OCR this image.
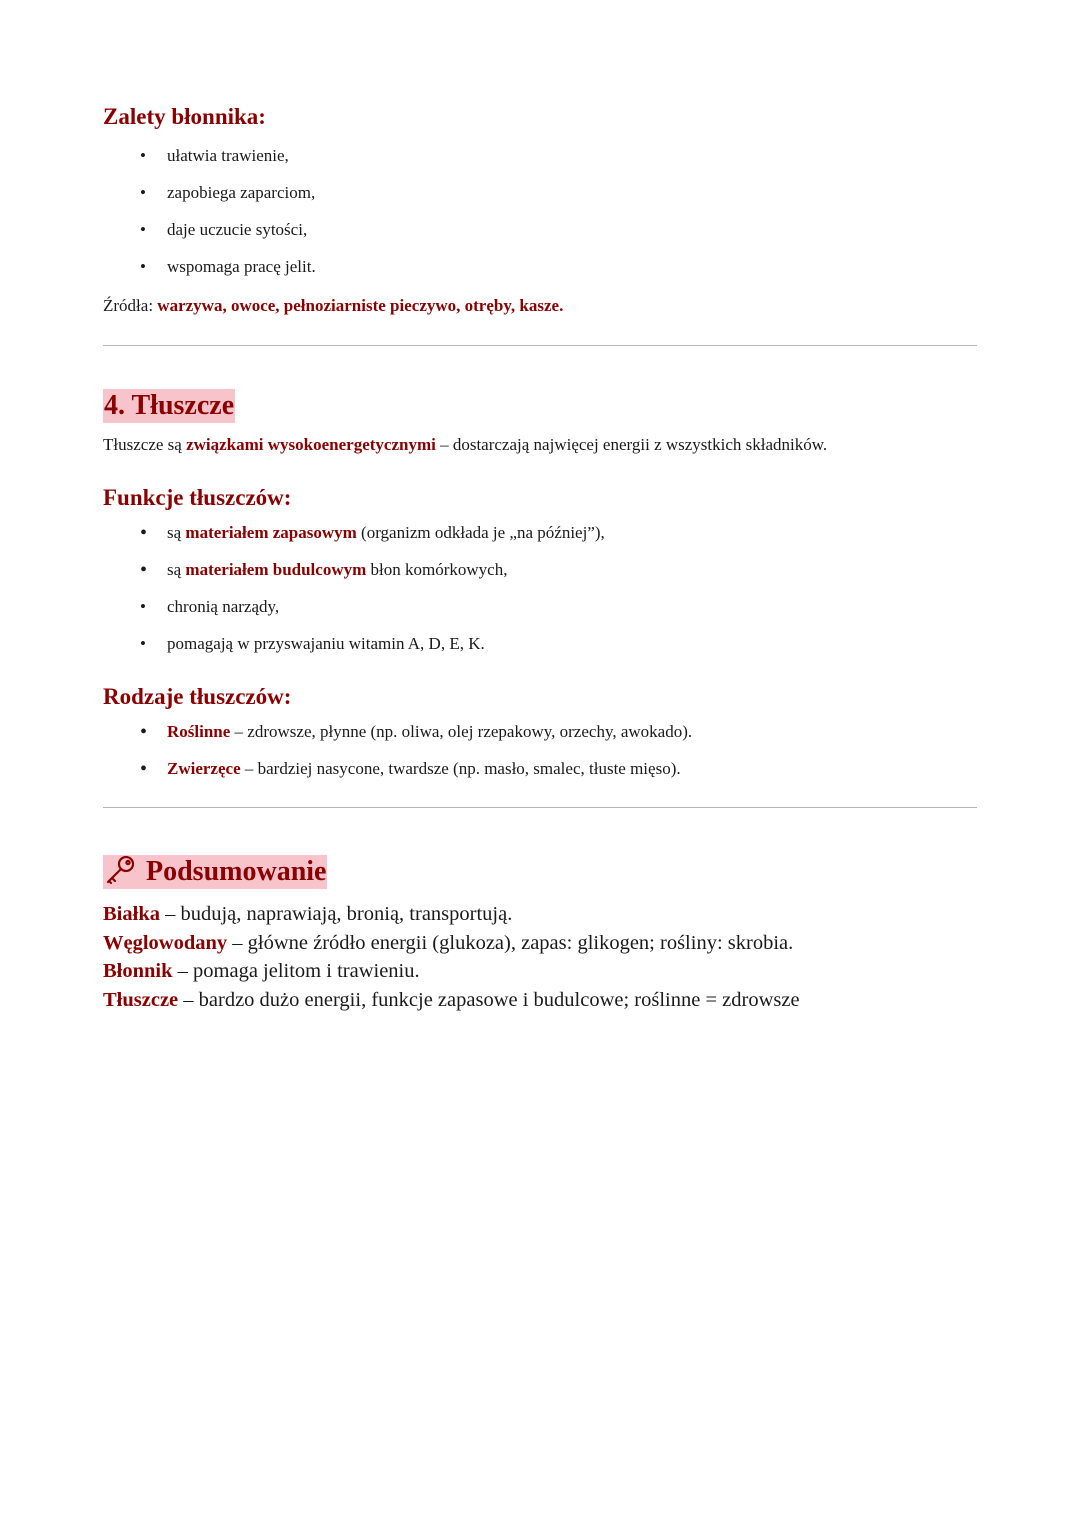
Zalety błonnika:
• ułatwia trawienie,
• zapobiega zaparciom,
• daje uczucie sytości,
• wspomaga pracę jelit.
Źródła: warzywa, owoce, pełnoziarniste pieczywo, otręby, kasze.
4. Tłuszcze
Tłuszcze są związkami wysokoenergetycznymi – dostarczają najwięcej energii z wszystkich składników.
Funkcje tłuszczów:
• są materiałem zapasowym (organizm odkłada je „na później”),
• są materiałem budulcowym błon komórkowych,
• chronią narządy,
• pomagają w przyswajaniu witamin A, D, E, K.
Rodzaje tłuszczów:
• Roślinne – zdrowsze, płynne (np. oliwa, olej rzepakowy, orzechy, awokado).
• Zwierzęce – bardziej nasycone, twardsze (np. masło, smalec, tłuste mięso).
Podsumowanie
Białka – budują, naprawiają, bronią, transportują.
Węglowodany – główne źródło energii (glukoza), zapas: glikogen; rośliny: skrobia.
Błonnik – pomaga jelitom i trawieniu.
Tłuszcze – bardzo dużo energii, funkcje zapasowe i budulcowe; roślinne = zdrowsze
